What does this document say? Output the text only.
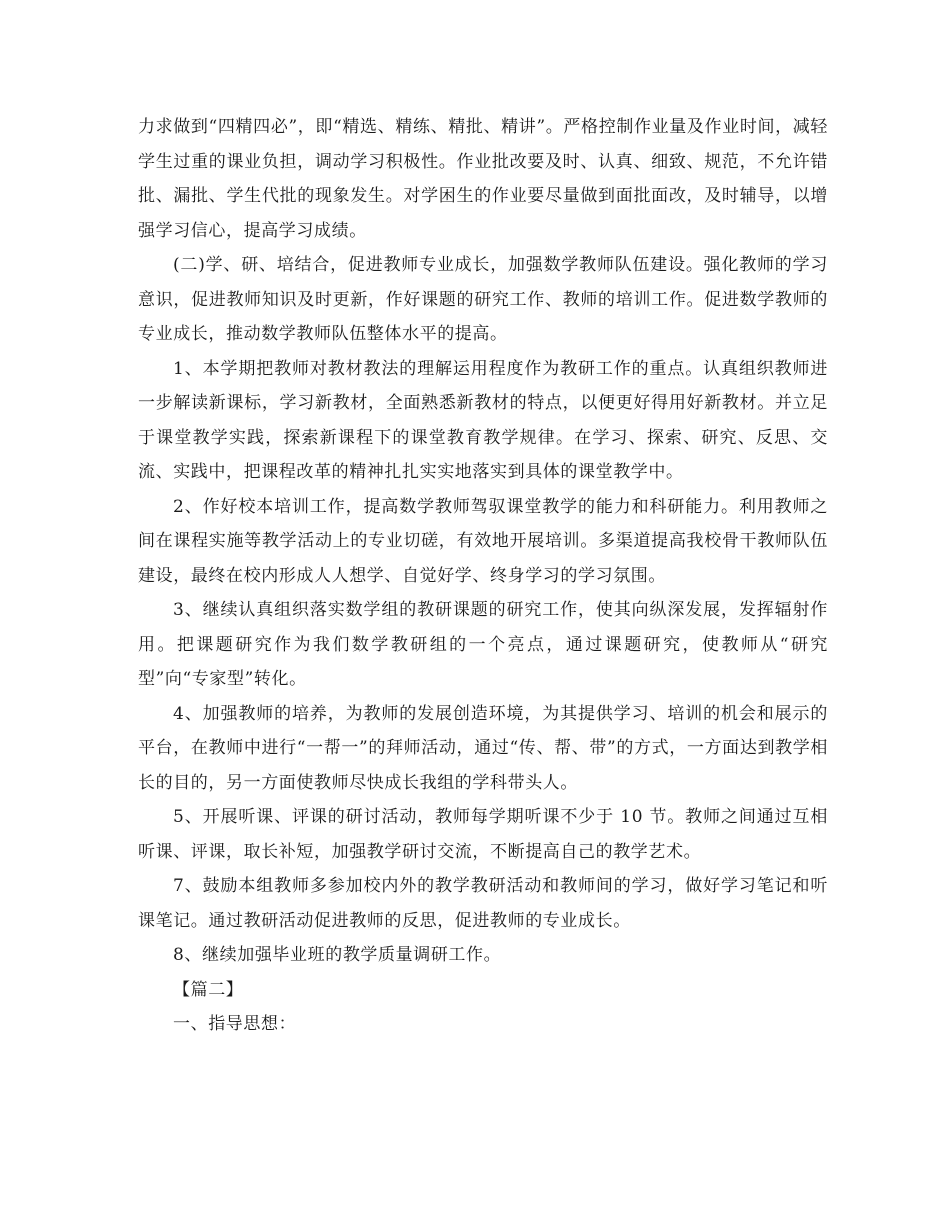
力求做到“四精四必”，即“精选、精练、精批、精讲”。严格控制作业量及作业时间，减轻学生过重的课业负担，调动学习积极性。作业批改要及时、认真、细致、规范，不允许错批、漏批、学生代批的现象发生。对学困生的作业要尽量做到面批面改，及时辅导，以增强学习信心，提高学习成绩。

(二)学、研、培结合，促进教师专业成长，加强数学教师队伍建设。强化教师的学习意识，促进教师知识及时更新，作好课题的研究工作、教师的培训工作。促进数学教师的专业成长，推动数学教师队伍整体水平的提高。

1、本学期把教师对教材教法的理解运用程度作为教研工作的重点。认真组织教师进一步解读新课标，学习新教材，全面熟悉新教材的特点，以便更好得用好新教材。并立足于课堂教学实践，探索新课程下的课堂教育教学规律。在学习、探索、研究、反思、交流、实践中，把课程改革的精神扎扎实实地落实到具体的课堂教学中。

2、作好校本培训工作，提高数学教师驾驭课堂教学的能力和科研能力。利用教师之间在课程实施等教学活动上的专业切磋，有效地开展培训。多渠道提高我校骨干教师队伍建设，最终在校内形成人人想学、自觉好学、终身学习的学习氛围。

3、继续认真组织落实数学组的教研课题的研究工作，使其向纵深发展，发挥辐射作用。把课题研究作为我们数学教研组的一个亮点，通过课题研究，使教师从“研究型”向“专家型”转化。

4、加强教师的培养，为教师的发展创造环境，为其提供学习、培训的机会和展示的平台，在教师中进行“一帮一”的拜师活动，通过“传、帮、带”的方式，一方面达到教学相长的目的，另一方面使教师尽快成长我组的学科带头人。

5、开展听课、评课的研讨活动，教师每学期听课不少于 10 节。教师之间通过互相听课、评课，取长补短，加强教学研讨交流，不断提高自己的教学艺术。

7、鼓励本组教师多参加校内外的教学教研活动和教师间的学习，做好学习笔记和听课笔记。通过教研活动促进教师的反思，促进教师的专业成长。

8、继续加强毕业班的教学质量调研工作。

【篇二】

一、指导思想：
